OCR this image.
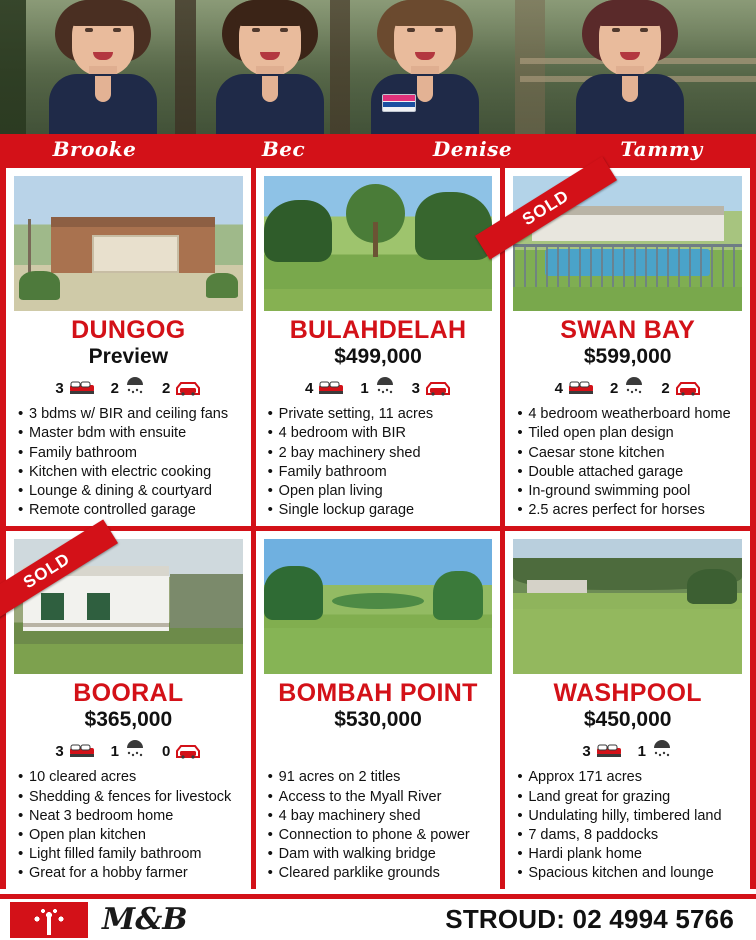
Brooke	Bec	Denise	Tammy
DUNGOG
Preview
3	2	2
• 3 bdms w/ BIR and ceiling fans
• Master bdm with ensuite
• Family bathroom
• Kitchen with electric cooking
• Lounge & dining & courtyard
• Remote controlled garage
BULAHDELAH
$499,000
4	1	3
• Private setting, 11 acres
• 4 bedroom with BIR
• 2 bay machinery shed
• Family bathroom
• Open plan living
• Single lockup garage
SOLD
SWAN BAY
$599,000
4	2	2
• 4 bedroom weatherboard home
• Tiled open plan design
• Caesar stone kitchen
• Double attached garage
• In-ground swimming pool
• 2.5 acres perfect for horses
SOLD
BOORAL
$365,000
3	1	0
• 10 cleared acres
• Shedding & fences for livestock
• Neat 3 bedroom home
• Open plan kitchen
• Light filled family bathroom
• Great for a hobby farmer
BOMBAH POINT
$530,000
• 91 acres on 2 titles
• Access to the Myall River
• 4 bay machinery shed
• Connection to phone & power
• Dam with walking bridge
• Cleared parklike grounds
WASHPOOL
$450,000
3	1
• Approx 171 acres
• Land great for grazing
• Undulating hilly, timbered land
• 7 dams, 8 paddocks
• Hardi plank home
• Spacious kitchen and lounge
M&B	STROUD: 02 4994 5766
